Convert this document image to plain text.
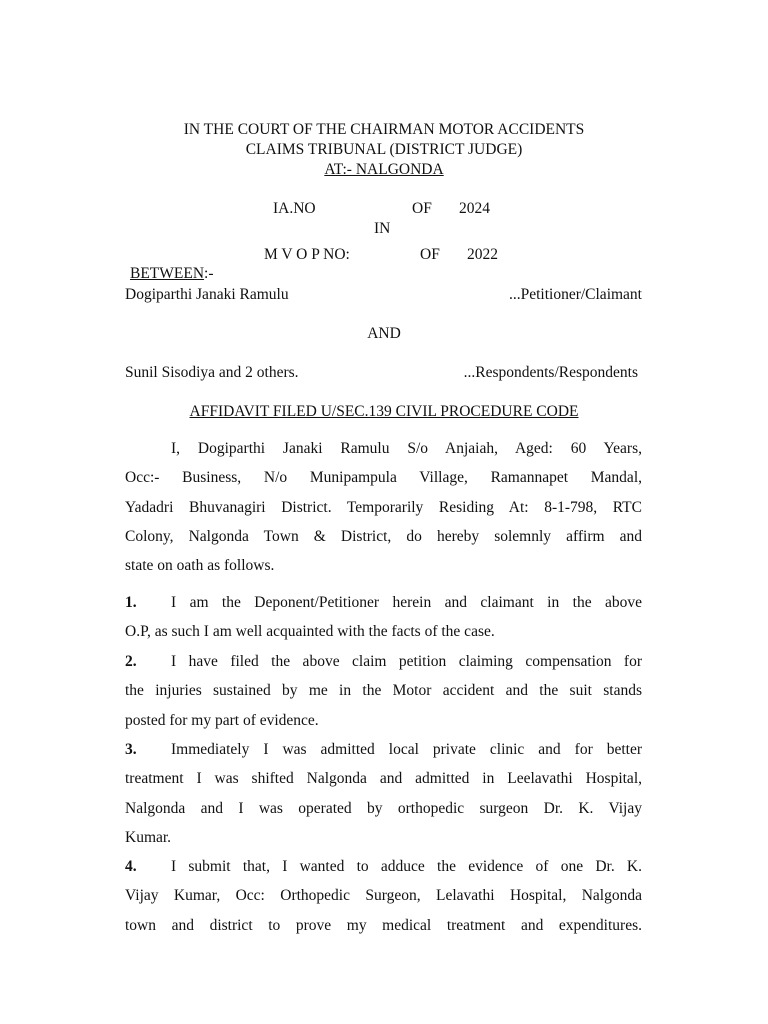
IN THE COURT OF THE CHAIRMAN MOTOR ACCIDENTS
CLAIMS TRIBUNAL (DISTRICT JUDGE)
AT:- NALGONDA
IA.NO	OF 2024
IN
M V O P NO:	OF 2022
BETWEEN:-
Dogiparthi Janaki Ramulu	...Petitioner/Claimant
AND
Sunil Sisodiya and 2 others.	...Respondents/Respondents
AFFIDAVIT FILED U/SEC.139 CIVIL PROCEDURE CODE
I, Dogiparthi Janaki Ramulu S/o Anjaiah, Aged: 60 Years,
Occ:- Business, N/o Munipampula Village, Ramannapet Mandal,
Yadadri Bhuvanagiri District. Temporarily Residing At: 8-1-798, RTC
Colony, Nalgonda Town & District, do hereby solemnly affirm and
state on oath as follows.
1. I am the Deponent/Petitioner herein and claimant in the above
O.P, as such I am well acquainted with the facts of the case.
2. I have filed the above claim petition claiming compensation for
the injuries sustained by me in the Motor accident and the suit stands
posted for my part of evidence.
3. Immediately I was admitted local private clinic and for better
treatment I was shifted Nalgonda and admitted in Leelavathi Hospital,
Nalgonda and I was operated by orthopedic surgeon Dr. K. Vijay
Kumar.
4. I submit that, I wanted to adduce the evidence of one Dr. K.
Vijay Kumar, Occ: Orthopedic Surgeon, Lelavathi Hospital, Nalgonda
town and district to prove my medical treatment and expenditures.
